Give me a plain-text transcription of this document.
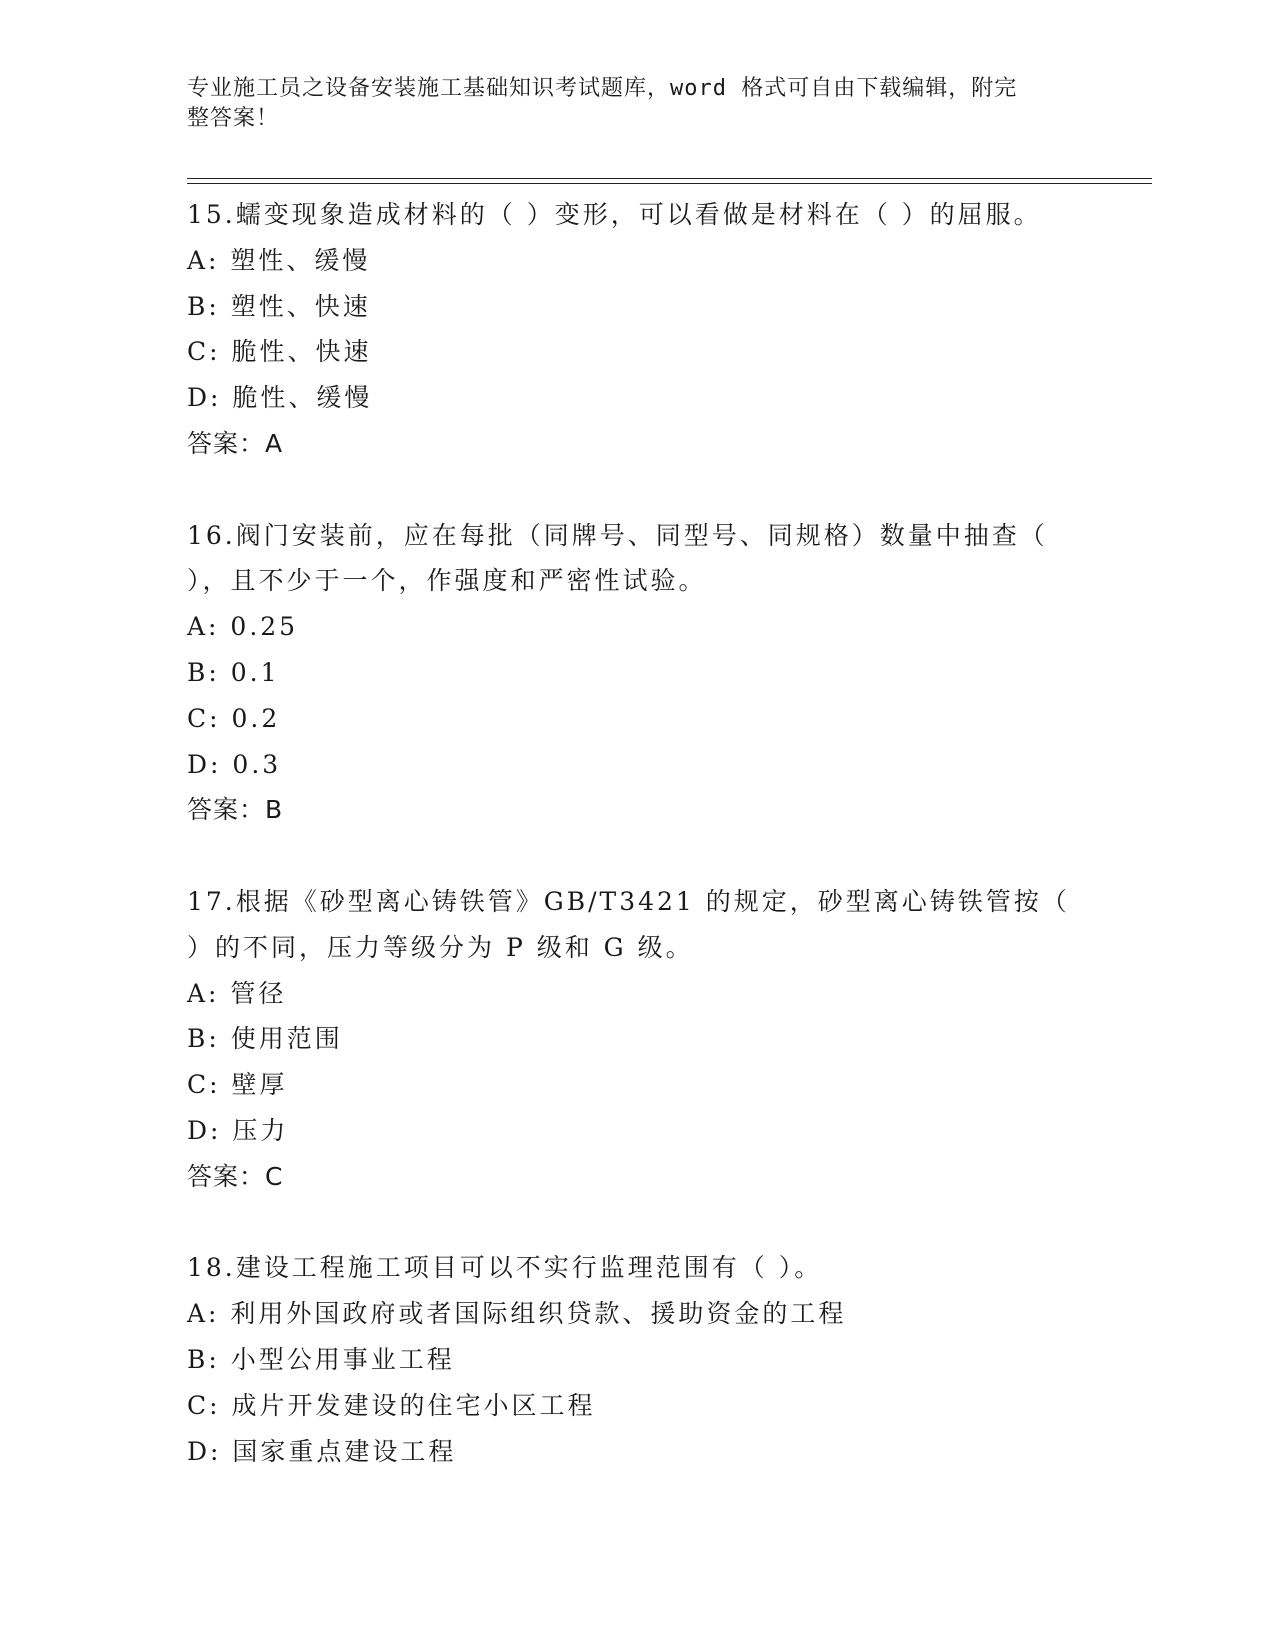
专业施工员之设备安装施工基础知识考试题库，word 格式可自由下载编辑，附完
整答案！
15.蠕变现象造成材料的（ ）变形，可以看做是材料在（ ）的屈服。
A: 塑性、缓慢
B: 塑性、快速
C: 脆性、快速
D: 脆性、缓慢
答案：A
16.阀门安装前，应在每批（同牌号、同型号、同规格）数量中抽查（
），且不少于一个，作强度和严密性试验。
A: 0.25
B: 0.1
C: 0.2
D: 0.3
答案：B
17.根据《砂型离心铸铁管》GB/T3421 的规定，砂型离心铸铁管按（
）的不同，压力等级分为 P 级和 G 级。
A: 管径
B: 使用范围
C: 壁厚
D: 压力
答案：C
18.建设工程施工项目可以不实行监理范围有（ ）。
A: 利用外国政府或者国际组织贷款、援助资金的工程
B: 小型公用事业工程
C: 成片开发建设的住宅小区工程
D: 国家重点建设工程
